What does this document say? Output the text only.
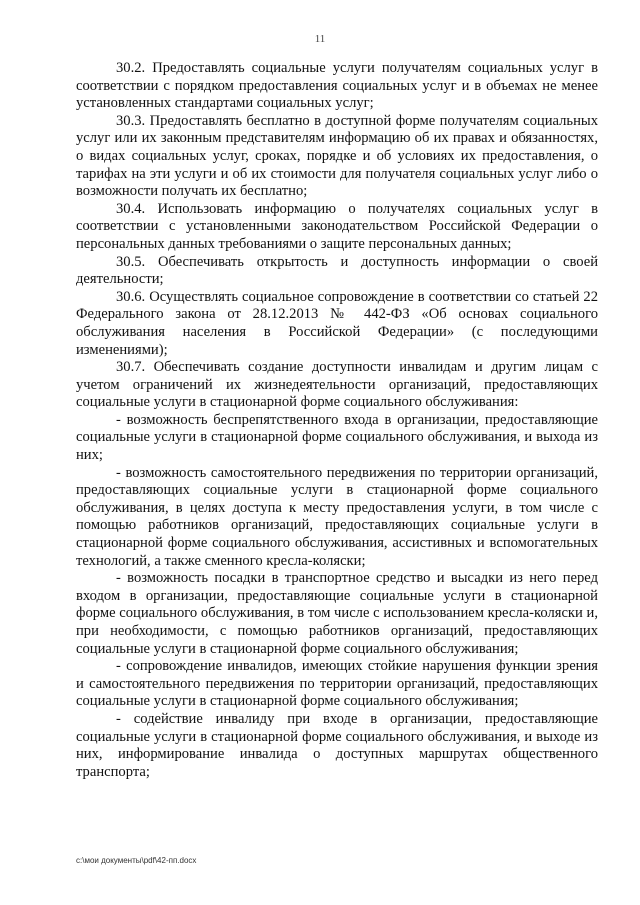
11

30.2. Предоставлять социальные услуги получателям социальных услуг в соответствии с порядком предоставления социальных услуг и в объемах не менее установленных стандартами социальных услуг;

30.3. Предоставлять бесплатно в доступной форме получателям социальных услуг или их законным представителям информацию об их правах и обязанностях, о видах социальных услуг, сроках, порядке и об условиях их предоставления, о тарифах на эти услуги и об их стоимости для получателя социальных услуг либо о возможности получать их бесплатно;

30.4. Использовать информацию о получателях социальных услуг в соответствии с установленными законодательством Российской Федерации о персональных данных требованиями о защите персональных данных;

30.5. Обеспечивать открытость и доступность информации о своей деятельности;

30.6. Осуществлять социальное сопровождение в соответствии со статьей 22 Федерального закона от 28.12.2013 № 442-ФЗ «Об основах социального обслуживания населения в Российской Федерации» (с последующими изменениями);

30.7. Обеспечивать создание доступности инвалидам и другим лицам с учетом ограничений их жизнедеятельности организаций, предоставляющих социальные услуги в стационарной форме социального обслуживания:

- возможность беспрепятственного входа в организации, предоставляющие социальные услуги в стационарной форме социального обслуживания, и выхода из них;

- возможность самостоятельного передвижения по территории организаций, предоставляющих социальные услуги в стационарной форме социального обслуживания, в целях доступа к месту предоставления услуги, в том числе с помощью работников организаций, предоставляющих социальные услуги в стационарной форме социального обслуживания, ассистивных и вспомогательных технологий, а также сменного кресла-коляски;

- возможность посадки в транспортное средство и высадки из него перед входом в организации, предоставляющие социальные услуги в стационарной форме социального обслуживания, в том числе с использованием кресла-коляски и, при необходимости, с помощью работников организаций, предоставляющих социальные услуги в стационарной форме социального обслуживания;

- сопровождение инвалидов, имеющих стойкие нарушения функции зрения и самостоятельного передвижения по территории организаций, предоставляющих социальные услуги в стационарной форме социального обслуживания;

- содействие инвалиду при входе в организации, предоставляющие социальные услуги в стационарной форме социального обслуживания, и выходе из них, информирование инвалида о доступных маршрутах общественного транспорта;

c:\мои документы\pdf\42-пп.docx
